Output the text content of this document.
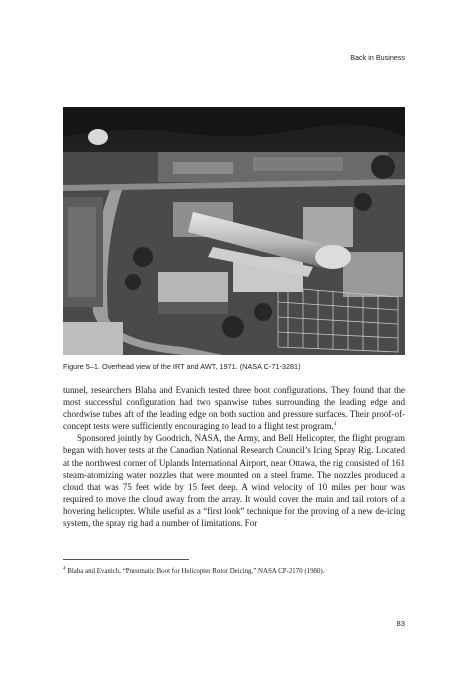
Back in Business
Figure 5–1. Overhead view of the IRT and AWT, 1971. (NASA C-71-3281)

tunnel, researchers Blaha and Evanich tested three boot configurations. They found that the most successful configuration had two spanwise tubes surrounding the leading edge and chordwise tubes aft of the leading edge on both suction and pressure surfaces. Their proof-of-concept tests were sufficiently encouraging to lead to a flight test program.$^4$

Sponsored jointly by Goodrich, NASA, the Army, and Bell Helicopter, the flight program began with hover tests at the Canadian National Research Council’s Icing Spray Rig. Located at the northwest corner of Uplands International Airport, near Ottawa, the rig consisted of 161 steam-atomizing water nozzles that were mounted on a steel frame. The nozzles produced a cloud that was 75 feet wide by 15 feet deep. A wind velocity of 10 miles per hour was required to move the cloud away from the array. It would cover the main and tail rotors of a hovering helicopter. While useful as a “first look” technique for the proving of a new de-icing system, the spray rig had a number of limitations. For

$^4$ Blaha and Evanich, “Pneumatic Boot for Helicopter Rotor Deicing,” NASA CP-2170 (1980).
83
